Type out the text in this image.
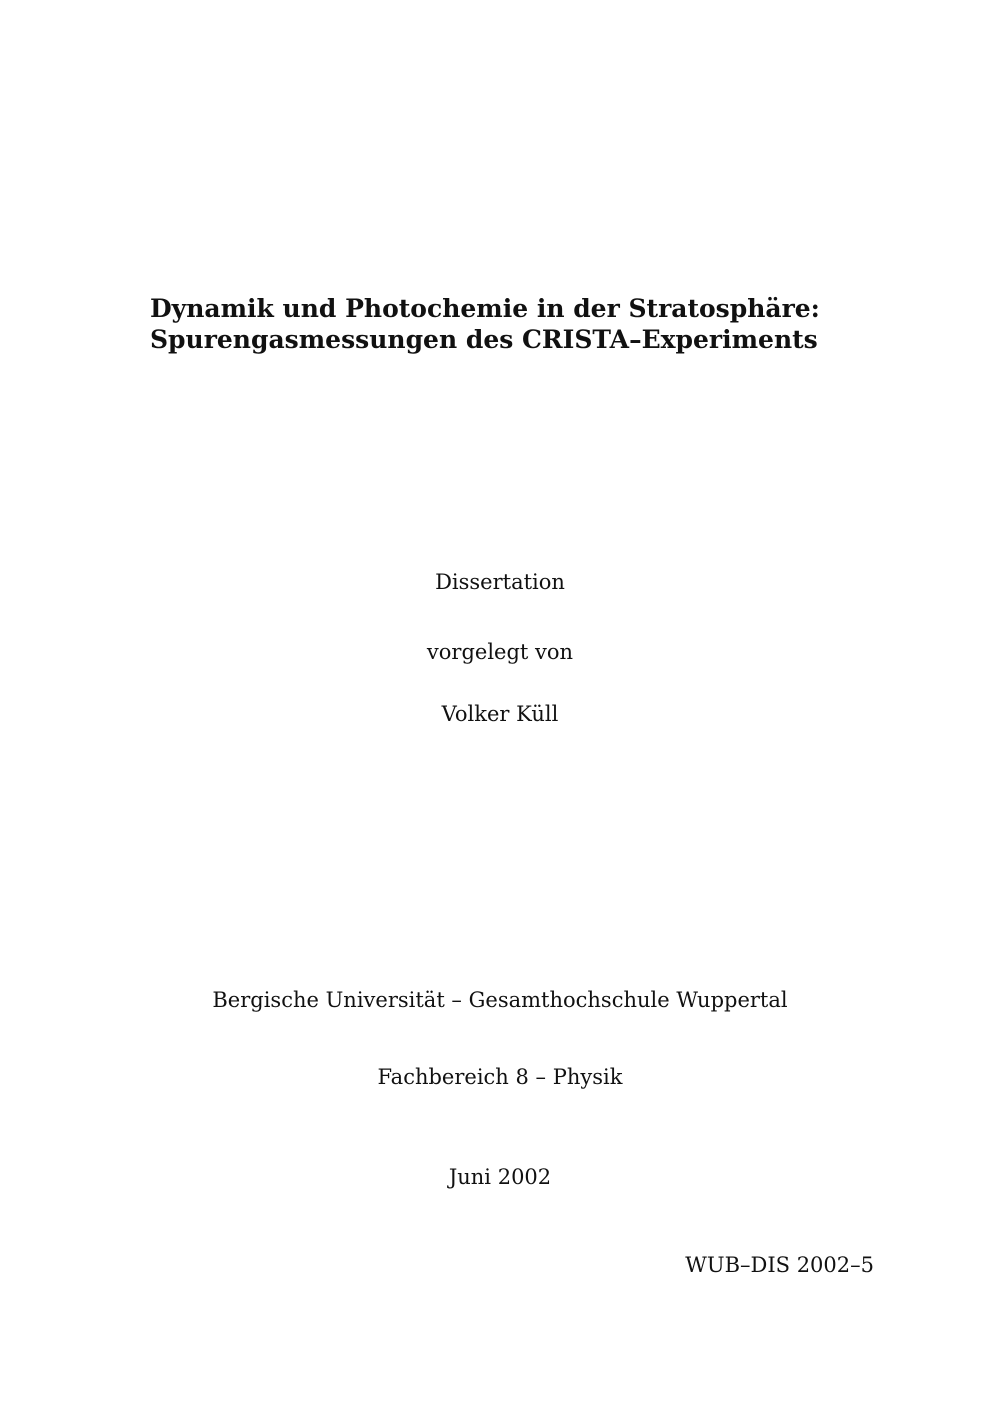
Dynamik und Photochemie in der Stratosphäre:
Spurengasmessungen des CRISTA–Experiments
Dissertation
vorgelegt von
Volker Küll
Bergische Universität – Gesamthochschule Wuppertal
Fachbereich 8 – Physik
Juni 2002
WUB–DIS 2002–5
